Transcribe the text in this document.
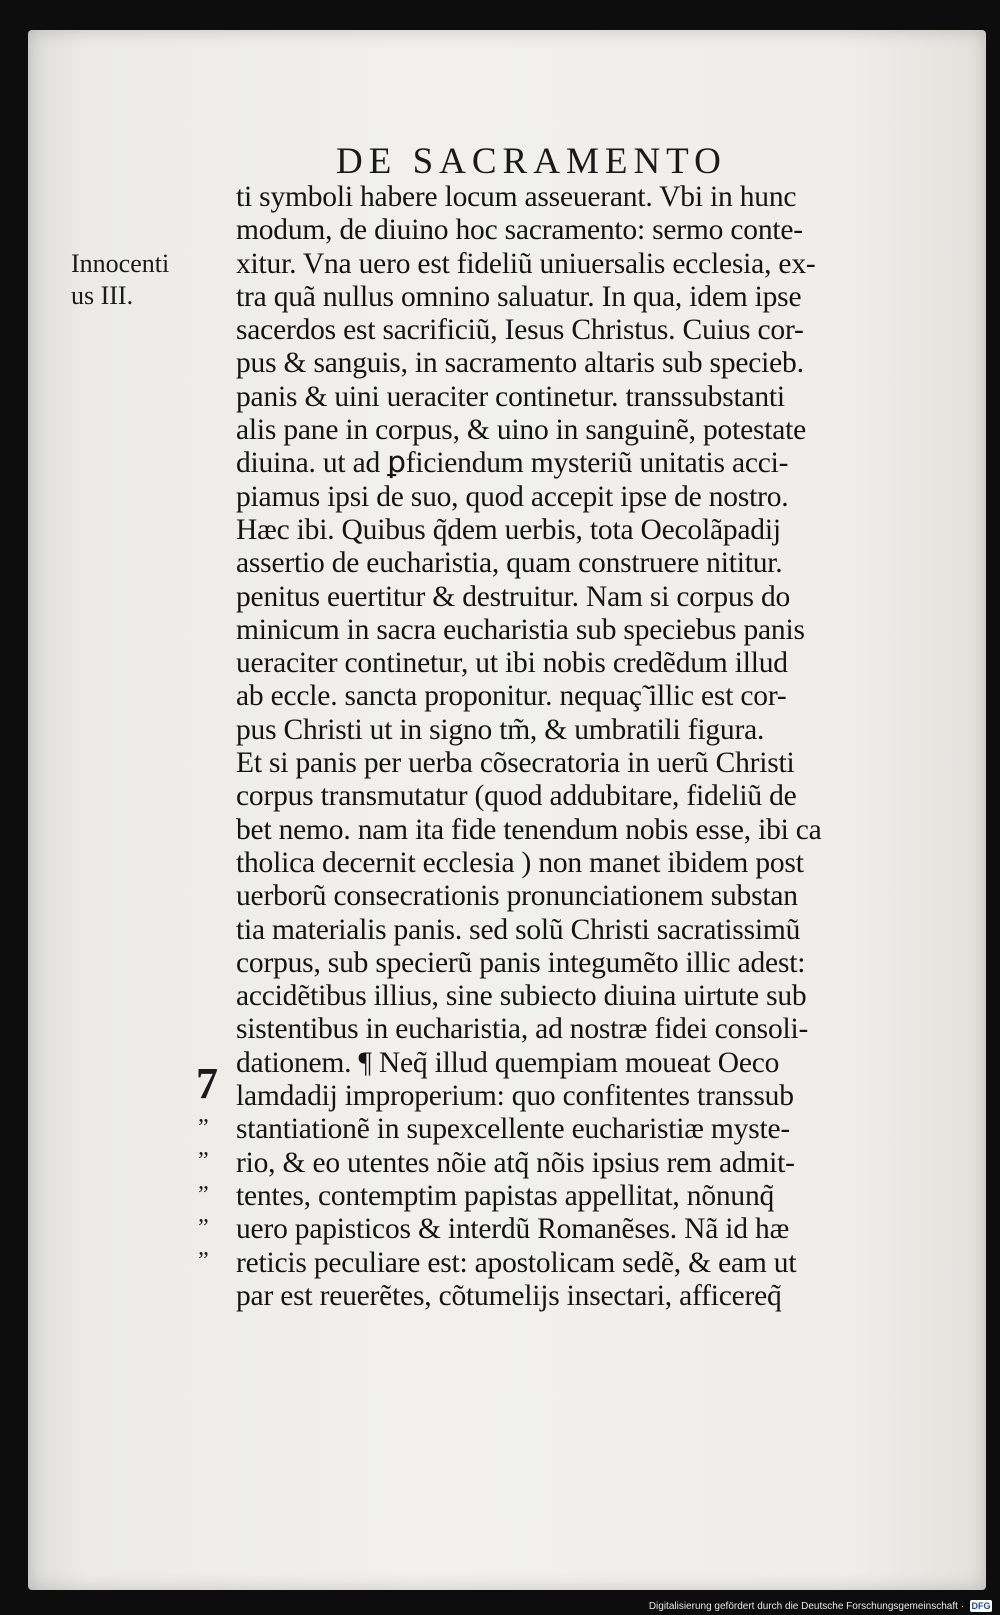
DE SACRAMENTO
Innocenti
us III.
ti symboli habere locum asseuerant. Vbi in hunc
modum, de diuino hoc sacramento: sermo conte-
xitur. Vna uero est fideliũ uniuersalis ecclesia, ex-
tra quã nullus omnino saluatur. In qua, idem ipse
sacerdos est sacrificiũ, Iesus Christus. Cuius cor-
pus & sanguis, in sacramento altaris sub specieb.
panis & uini ueraciter continetur. transsubstanti
alis pane in corpus, & uino in sanguinẽ, potestate
diuina. ut ad ꝑficiendum mysteriũ unitatis acci-
piamus ipsi de suo, quod accepit ipse de nostro.
Hæc ibi. Quibus q̃dem uerbis, tota Oecolãpadij
assertio de eucharistia, quam construere nititur.
penitus euertitur & destruitur. Nam si corpus do
minicum in sacra eucharistia sub speciebus panis
ueraciter continetur, ut ibi nobis credẽdum illud
ab eccle. sancta proponitur. nequaç̃ illic est cor-
pus Christi ut in signo tm̃, & umbratili figura.
Et si panis per uerba cõsecratoria in uerũ Christi
corpus transmutatur (quod addubitare, fideliũ de
bet nemo. nam ita fide tenendum nobis esse, ibi ca
tholica decernit ecclesia ) non manet ibidem post
uerborũ consecrationis pronunciationem substan
tia materialis panis. sed solũ Christi sacratissimũ
corpus, sub specierũ panis integumẽto illic adest:
accidẽtibus illius, sine subiecto diuina uirtute sub
sistentibus in eucharistia, ad nostræ fidei consoli-
dationem. ¶ Neq̃ illud quempiam moueat Oeco
lamdadij improperium: quo confitentes transsub
stantiationẽ in supexcellente eucharistiæ myste-
rio, & eo utentes nõie atq̃ nõis ipsius rem admit-
tentes, contemptim papistas appellitat, nõnunq̃
uero papisticos & interdũ Romanẽses. Nã id hæ
reticis peculiare est: apostolicam sedẽ, & eam ut
par est reuerẽtes, cõtumelijs insectari, afficereq̃
7
”
”
”
”
”
Digitalisierung gefördert durch die Deutsche Forschungsgemeinschaft · DFG
